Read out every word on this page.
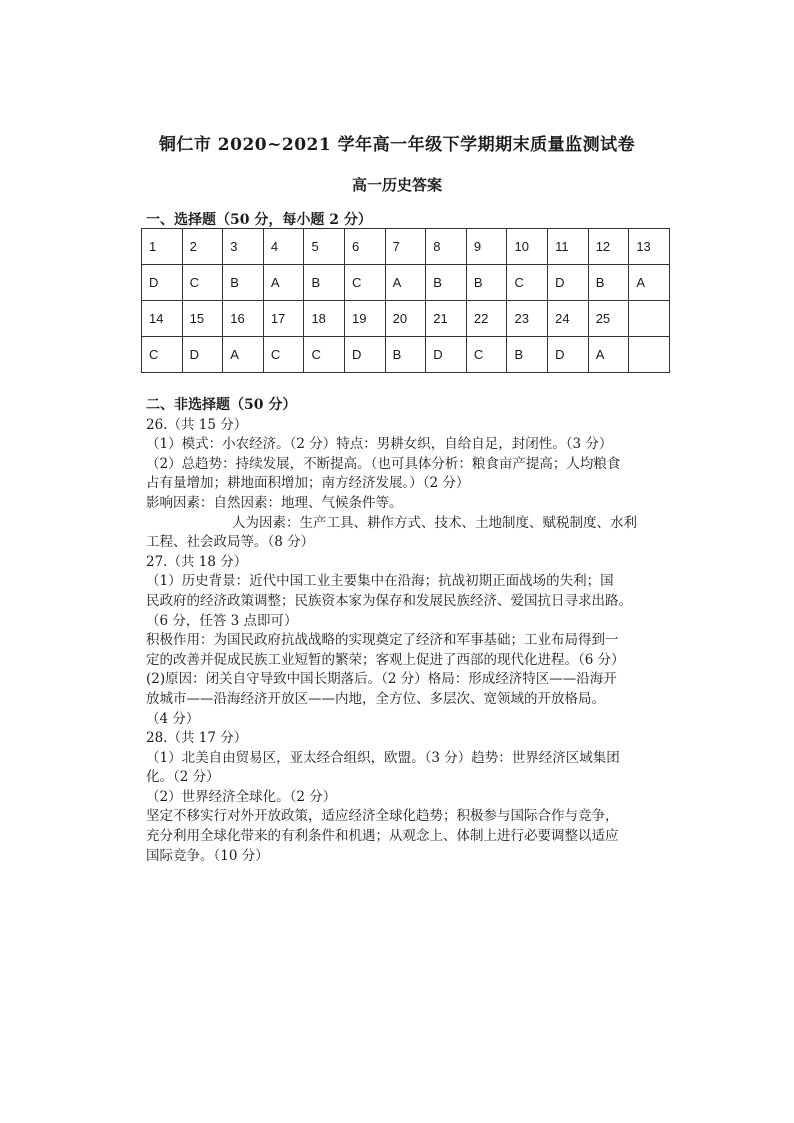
铜仁市 2020~2021 学年高一年级下学期期末质量监测试卷
高一历史答案
一、选择题（50 分，每小题 2 分）
1	2	3	4	5	6	7	8	9	10	11	12	13
D	C	B	A	B	C	A	B	B	C	D	B	A
14	15	16	17	18	19	20	21	22	23	24	25	
C	D	A	C	C	D	B	D	C	B	D	A	
二、非选择题（50 分）
26.（共 15 分）
（1）模式：小农经济。（2 分）特点：男耕女织，自给自足，封闭性。（3 分）
（2）总趋势：持续发展，不断提高。（也可具体分析：粮食亩产提高；人均粮食
占有量增加；耕地面积增加；南方经济发展。）（2 分）
影响因素：自然因素：地理、气候条件等。
人为因素：生产工具、耕作方式、技术、土地制度、赋税制度、水利
工程、社会政局等。（8 分）
27.（共 18 分）
（1）历史背景：近代中国工业主要集中在沿海；抗战初期正面战场的失利；国
民政府的经济政策调整；民族资本家为保存和发展民族经济、爱国抗日寻求出路。
（6 分，任答 3 点即可）
积极作用：为国民政府抗战战略的实现奠定了经济和军事基础；工业布局得到一
定的改善并促成民族工业短暂的繁荣；客观上促进了西部的现代化进程。（6 分）
(2)原因：闭关自守导致中国长期落后。（2 分）格局：形成经济特区——沿海开
放城市——沿海经济开放区——内地，全方位、多层次、宽领域的开放格局。
（4 分）
28.（共 17 分）
（1）北美自由贸易区，亚太经合组织，欧盟。（3 分）趋势：世界经济区域集团
化。（2 分）
（2）世界经济全球化。（2 分）
坚定不移实行对外开放政策，适应经济全球化趋势；积极参与国际合作与竞争，
充分利用全球化带来的有利条件和机遇；从观念上、体制上进行必要调整以适应
国际竞争。（10 分）
